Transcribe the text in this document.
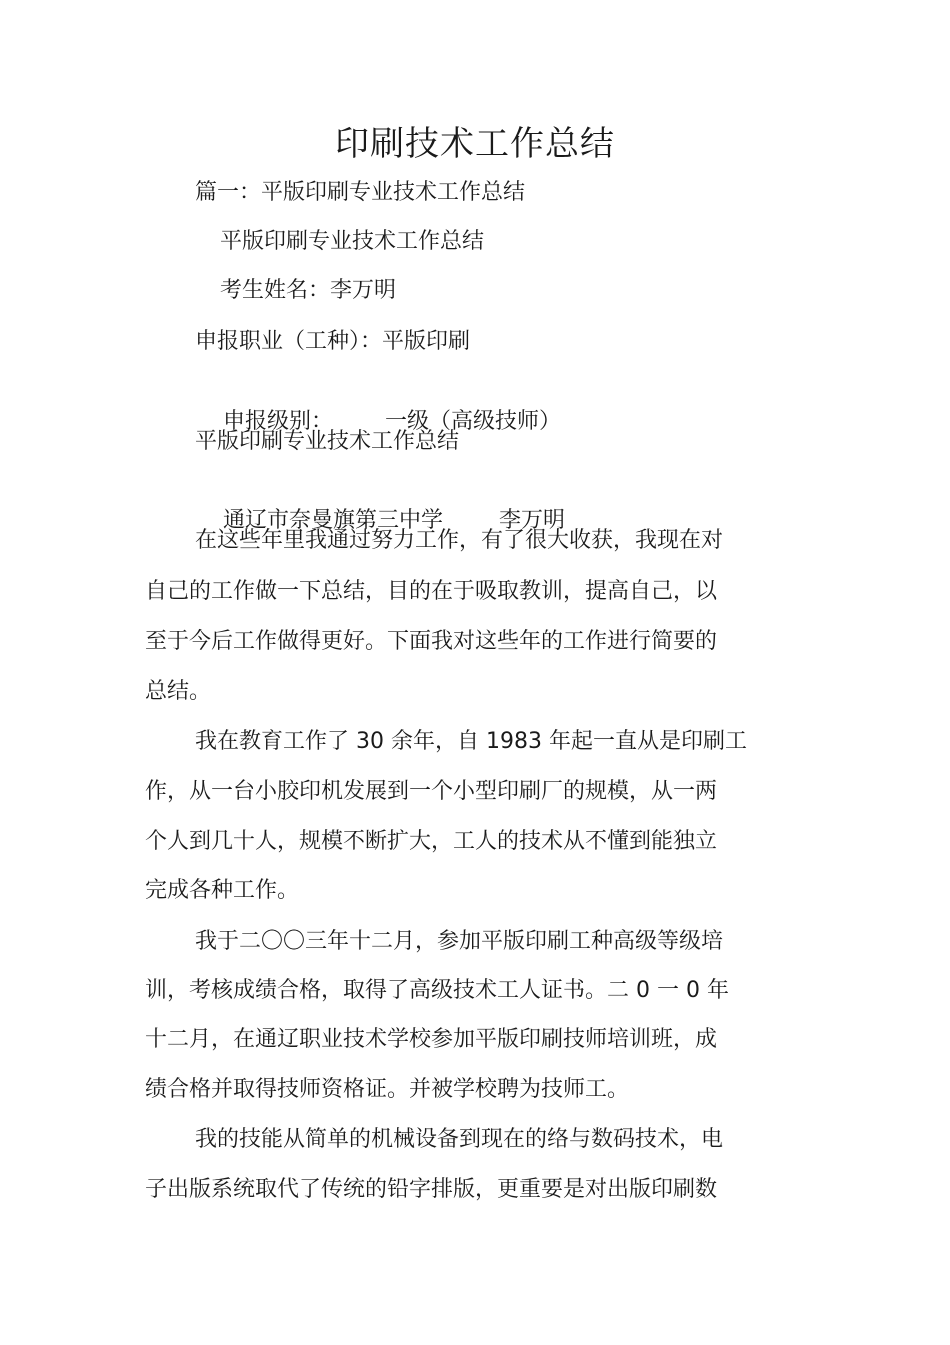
印刷技术工作总结
篇一：平版印刷专业技术工作总结
平版印刷专业技术工作总结
考生姓名：李万明
申报职业（工种）：平版印刷

申报级别： 一级（高级技师）

平版印刷专业技术工作总结

通辽市奈曼旗第三中学	李万明

在这些年里我通过努力工作，有了很大收获，我现在对
自己的工作做一下总结，目的在于吸取教训，提高自己，以
至于今后工作做得更好。下面我对这些年的工作进行简要的
总结。
我在教育工作了 30 余年，自 1983 年起一直从是印刷工
作，从一台小胶印机发展到一个小型印刷厂的规模，从一两
个人到几十人，规模不断扩大，工人的技术从不懂到能独立
完成各种工作。
我于二〇〇三年十二月，参加平版印刷工种高级等级培
训，考核成绩合格，取得了高级技术工人证书。二 0 一 0 年
十二月，在通辽职业技术学校参加平版印刷技师培训班，成
绩合格并取得技师资格证。并被学校聘为技师工。
我的技能从简单的机械设备到现在的络与数码技术，电
子出版系统取代了传统的铅字排版，更重要是对出版印刷数
